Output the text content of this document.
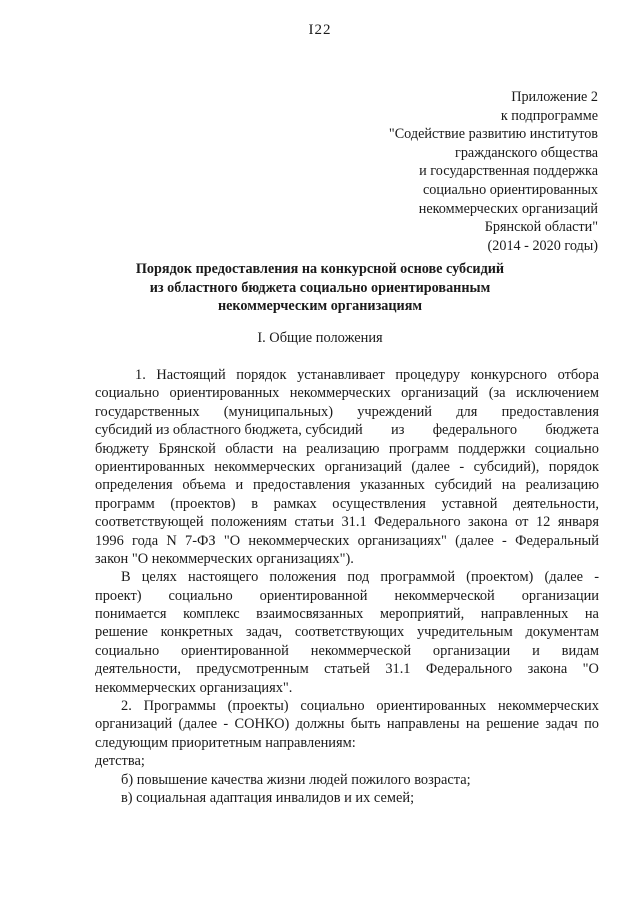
I22
Приложение 2
к подпрограмме
"Содействие развитию институтов
гражданского общества
и государственная поддержка
социально ориентированных
некоммерческих организаций
Брянской области"
(2014 - 2020 годы)
Порядок предоставления на конкурсной основе субсидий
из областного бюджета социально ориентированным
некоммерческим организациям
I. Общие положения
1. Настоящий порядок устанавливает процедуру конкурсного отбора
социально ориентированных некоммерческих организаций (за исключением
государственных (муниципальных) учреждений для предоставления
субсидий из областного бюджета, субсидий из федерального бюджета
бюджету Брянской области на реализацию программ поддержки социально
ориентированных некоммерческих организаций (далее - субсидий), порядок
определения объема и предоставления указанных субсидий на реализацию
программ (проектов) в рамках осуществления уставной деятельности,
соответствующей положениям статьи 31.1 Федерального закона от 12 января
1996 года N 7-ФЗ "О некоммерческих организациях" (далее - Федеральный
закон "О некоммерческих организациях").
В целях настоящего положения под программой (проектом) (далее -
проект) социально ориентированной некоммерческой организации
понимается комплекс взаимосвязанных мероприятий, направленных на
решение конкретных задач, соответствующих учредительным документам
социально ориентированной некоммерческой организации и видам
деятельности, предусмотренным статьей 31.1 Федерального закона "О
некоммерческих организациях".
2. Программы (проекты) социально ориентированных некоммерческих
организаций (далее - СОНКО) должны быть направлены на решение задач по
следующим приоритетным направлениям:
детства;
б) повышение качества жизни людей пожилого возраста;
в) социальная адаптация инвалидов и их семей;
